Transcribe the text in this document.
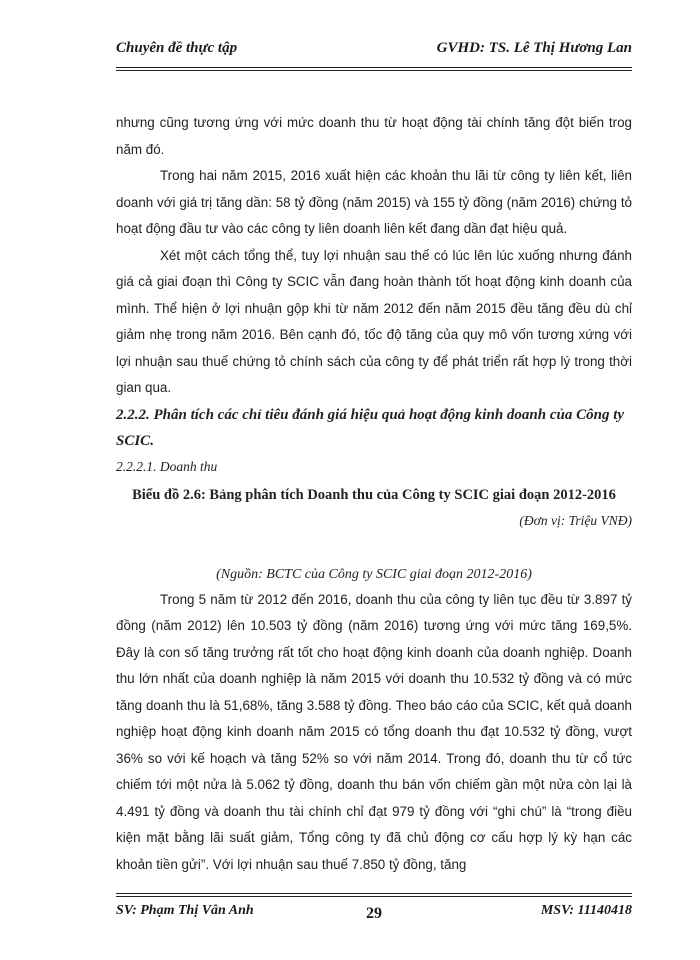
Chuyên đề thực tập	GVHD: TS. Lê Thị Hương Lan

nhưng cũng tương ứng với mức doanh thu từ hoạt động tài chính tăng đột biến trog năm đó.

Trong hai năm 2015, 2016 xuất hiện các khoản thu lãi từ công ty liên kết, liên doanh với giá trị tăng dần: 58 tỷ đồng (năm 2015) và 155 tỷ đồng (năm 2016) chứng tỏ hoạt động đầu tư vào các công ty liên doanh liên kết đang dần đạt hiệu quả.

Xét một cách tổng thể, tuy lợi nhuận sau thế có lúc lên lúc xuống nhưng đánh giá cả giai đoạn thì Công ty SCIC vẫn đang hoàn thành tốt hoạt động kinh doanh của mình. Thể hiện ở lợi nhuận gộp khi từ năm 2012 đến năm 2015 đều tăng đều dù chỉ giảm nhẹ trong năm 2016. Bên cạnh đó, tốc độ tăng của quy mô vốn tương xứng với lợi nhuận sau thuế chứng tỏ chính sách của công ty để phát triển rất hợp lý trong thời gian qua.

2.2.2. Phân tích các chỉ tiêu đánh giá hiệu quả hoạt động kinh doanh của Công ty SCIC.
2.2.2.1. Doanh thu
Biểu đồ 2.6: Bảng phân tích Doanh thu của Công ty SCIC giai đoạn 2012-2016
(Đơn vị: Triệu VNĐ)
(Nguồn: BCTC của Công ty SCIC giai đoạn 2012-2016)

Trong 5 năm từ 2012 đến 2016, doanh thu của công ty liên tục đều từ 3.897 tỷ đồng (năm 2012) lên 10.503 tỷ đồng (năm 2016) tương ứng với mức tăng 169,5%. Đây là con số tăng trưởng rất tốt cho hoạt động kinh doanh của doanh nghiệp. Doanh thu lớn nhất của doanh nghiệp là năm 2015 với doanh thu 10.532 tỷ đồng và có mức tăng doanh thu là 51,68%, tăng 3.588 tỷ đồng. Theo báo cáo của SCIC, kết quả doanh nghiệp hoạt động kinh doanh năm 2015 có tổng doanh thu đạt 10.532 tỷ đồng, vượt 36% so với kế hoạch và tăng 52% so với năm 2014. Trong đó, doanh thu từ cổ tức chiếm tới một nửa là 5.062 tỷ đồng, doanh thu bán vốn chiếm gần một nửa còn lại là 4.491 tỷ đồng và doanh thu tài chính chỉ đạt 979 tỷ đồng với “ghi chú” là “trong điều kiện mặt bằng lãi suất giảm, Tổng công ty đã chủ động cơ cấu hợp lý kỳ hạn các khoản tiền gửi”. Với lợi nhuận sau thuế 7.850 tỷ đồng, tăng

SV: Phạm Thị Vân Anh	29	MSV: 11140418
